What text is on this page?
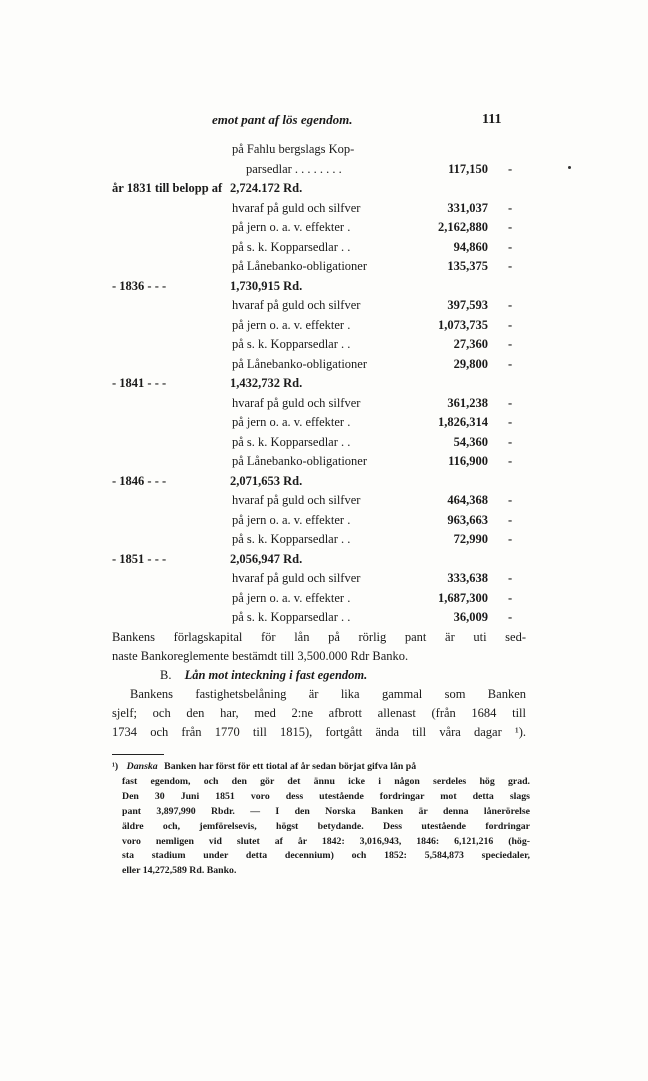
emot pant af lös egendom.	111
på Fahlu bergslags Kop-
parsedlar . . . . . . . .	117,150 -
år 1831 till belopp af 2,724.172 Rd.
hvaraf på guld och silfver	331,037 -
på jern o. a. v. effekter .	2,162,880 -
på s. k. Kopparsedlar . .	94,860 -
på Lånebanko-obligationer	135,375 -
- 1836 - - -	1,730,915 Rd.
hvaraf på guld och silfver	397,593 -
på jern o. a. v. effekter .	1,073,735 -
på s. k. Kopparsedlar . .	27,360 -
på Lånebanko-obligationer	29,800 -
- 1841 - - -	1,432,732 Rd.
hvaraf på guld och silfver	361,238 -
på jern o. a. v. effekter .	1,826,314 -
på s. k. Kopparsedlar . .	54,360 -
på Lånebanko-obligationer	116,900 -
- 1846 - - -	2,071,653 Rd.
hvaraf på guld och silfver	464,368 -
på jern o. a. v. effekter .	963,663 -
på s. k. Kopparsedlar . .	72,990 -
- 1851 - - -	2,056,947 Rd.
hvaraf på guld och silfver	333,638 -
på jern o. a. v. effekter .	1,687,300 -
på s. k. Kopparsedlar . .	36,009 -
Bankens förlagskapital för lån på rörlig pant är uti sed-
naste Bankoreglemente bestämdt till 3,500.000 Rdr Banko.
B. Lån mot inteckning i fast egendom.
Bankens fastighetsbelåning är lika gammal som Banken
sjelf; och den har, med 2:ne afbrott allenast (från 1684 till
1734 och från 1770 till 1815), fortgått ända till våra dagar ¹).
¹) Danska Banken har först för ett tiotal af år sedan börjat gifva lån på
fast egendom, och den gör det ännu icke i någon serdeles hög grad.
Den 30 Juni 1851 voro dess utestående fordringar mot detta slags
pant 3,897,990 Rbdr. — I den Norska Banken är denna lånerörelse
äldre och, jemförelsevis, högst betydande. Dess utestående fordringar
voro nemligen vid slutet af år 1842: 3,016,943, 1846: 6,121,216 (hög-
sta stadium under detta decennium) och 1852: 5,584,873 speciedaler,
eller 14,272,589 Rd. Banko.
